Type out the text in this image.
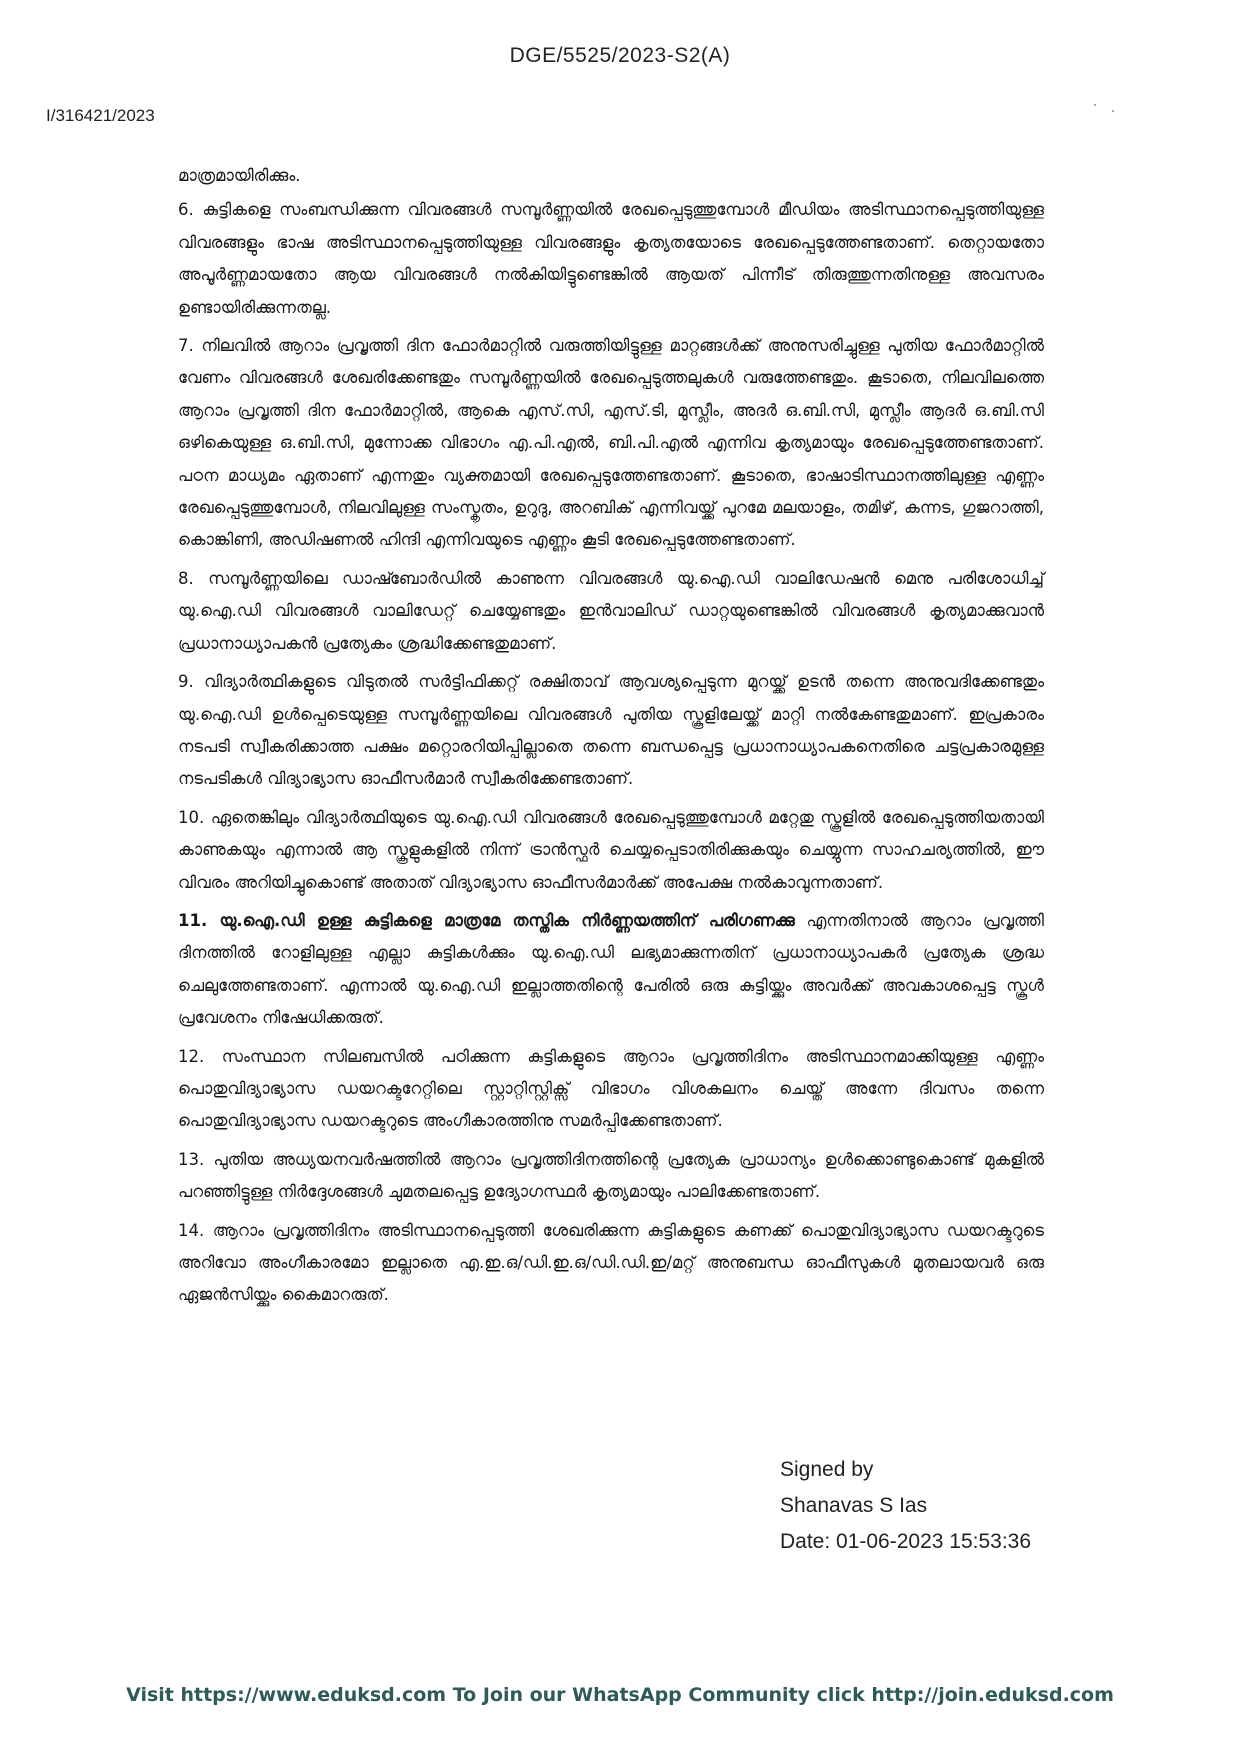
DGE/5525/2023-S2(A)
I/316421/2023

മാത്രമായിരിക്കും.

6. കുട്ടികളെ സംബന്ധിക്കുന്ന വിവരങ്ങൾ സമ്പൂർണ്ണയിൽ രേഖപ്പെടുത്തുമ്പോൾ മീഡിയം അടിസ്ഥാനപ്പെടുത്തിയുള്ള വിവരങ്ങളും ഭാഷ അടിസ്ഥാനപ്പെടുത്തിയുള്ള വിവരങ്ങളും കൃത്യതയോടെ രേഖപ്പെടുത്തേണ്ടതാണ്. തെറ്റായതോ അപൂർണ്ണമായതോ ആയ വിവരങ്ങൾ നൽകിയിട്ടുണ്ടെങ്കിൽ ആയത് പിന്നീട് തിരുത്തുന്നതിനുള്ള അവസരം ഉണ്ടായിരിക്കുന്നതല്ല.

7. നിലവിൽ ആറാം പ്രവൃത്തി ദിന ഫോർമാറ്റിൽ വരുത്തിയിട്ടുള്ള മാറ്റങ്ങൾക്ക് അനുസരിച്ചുള്ള പുതിയ ഫോർമാറ്റിൽ വേണം വിവരങ്ങൾ ശേഖരിക്കേണ്ടതും സമ്പൂർണ്ണയിൽ രേഖപ്പെടുത്തലുകൾ വരുത്തേണ്ടതും. കൂടാതെ, നിലവിലത്തെ ആറാം പ്രവൃത്തി ദിന ഫോർമാറ്റിൽ, ആകെ എസ്.സി, എസ്.ടി, മുസ്ലീം, അദർ ഒ.ബി.സി, മുസ്ലീം ആദർ ഒ.ബി.സി ഒഴികെയുള്ള ഒ.ബി.സി, മുന്നോക്ക വിഭാഗം എ.പി.എൽ, ബി.പി.എൽ എന്നിവ കൃത്യമായും രേഖപ്പെടുത്തേണ്ടതാണ്. പഠന മാധ്യമം ഏതാണ് എന്നതും വ്യക്തമായി രേഖപ്പെടുത്തേണ്ടതാണ്. കൂടാതെ, ഭാഷാടിസ്ഥാനത്തിലുള്ള എണ്ണം രേഖപ്പെടുത്തുമ്പോൾ, നിലവിലുള്ള സംസ്കൃതം, ഉറുദു, അറബിക് എന്നിവയ്ക്ക് പുറമേ മലയാളം, തമിഴ്, കന്നട, ഗുജറാത്തി, കൊങ്കിണി, അഡിഷണൽ ഹിന്ദി എന്നിവയുടെ എണ്ണം കൂടി രേഖപ്പെടുത്തേണ്ടതാണ്.

8. സമ്പൂർണ്ണയിലെ ഡാഷ്ബോർഡിൽ കാണുന്ന വിവരങ്ങൾ യു.ഐ.ഡി വാലിഡേഷൻ മെനു പരിശോധിച്ച് യു.ഐ.ഡി വിവരങ്ങൾ വാലിഡേറ്റ് ചെയ്യേണ്ടതും ഇൻവാലിഡ് ഡാറ്റയുണ്ടെങ്കിൽ വിവരങ്ങൾ കൃത്യമാക്കുവാൻ പ്രധാനാധ്യാപകൻ പ്രത്യേകം ശ്രദ്ധിക്കേണ്ടതുമാണ്.

9. വിദ്യാർത്ഥികളുടെ വിടുതൽ സർട്ടിഫിക്കറ്റ് രക്ഷിതാവ് ആവശ്യപ്പെടുന്ന മുറയ്ക്ക് ഉടൻ തന്നെ അനുവദിക്കേണ്ടതും യു.ഐ.ഡി ഉൾപ്പെടെയുള്ള സമ്പൂർണ്ണയിലെ വിവരങ്ങൾ പുതിയ സ്കൂളിലേയ്ക്ക് മാറ്റി നൽകേണ്ടതുമാണ്. ഇപ്രകാരം നടപടി സ്വീകരിക്കാത്ത പക്ഷം മറ്റൊരറിയിപ്പില്ലാതെ തന്നെ ബന്ധപ്പെട്ട പ്രധാനാധ്യാപകനെതിരെ ചട്ടപ്രകാരമുള്ള നടപടികൾ വിദ്യാഭ്യാസ ഓഫീസർമാർ സ്വീകരിക്കേണ്ടതാണ്.

10. ഏതെങ്കിലും വിദ്യാർത്ഥിയുടെ യു.ഐ.ഡി വിവരങ്ങൾ രേഖപ്പെടുത്തുമ്പോൾ മറ്റേതു സ്കൂളിൽ രേഖപ്പെടുത്തിയതായി കാണുകയും എന്നാൽ ആ സ്കൂളുകളിൽ നിന്ന് ട്രാൻസ്ഫർ ചെയ്യപ്പെടാതിരിക്കുകയും ചെയ്യുന്ന സാഹചര്യത്തിൽ, ഈ വിവരം അറിയിച്ചുകൊണ്ട് അതാത് വിദ്യാഭ്യാസ ഓഫീസർമാർക്ക് അപേക്ഷ നൽകാവുന്നതാണ്.

11. യു.ഐ.ഡി ഉള്ള കുട്ടികളെ മാത്രമേ തസ്തിക നിർണ്ണയത്തിന് പരിഗണക്കു എന്നതിനാൽ ആറാം പ്രവൃത്തി ദിനത്തിൽ റോളിലുള്ള എല്ലാ കുട്ടികൾക്കും യു.ഐ.ഡി ലഭ്യമാക്കുന്നതിന് പ്രധാനാധ്യാപകർ പ്രത്യേക ശ്രദ്ധ ചെലുത്തേണ്ടതാണ്. എന്നാൽ യു.ഐ.ഡി ഇല്ലാത്തതിന്റെ പേരിൽ ഒരു കുട്ടിയ്ക്കും അവർക്ക് അവകാശപ്പെട്ട സ്കൂൾ പ്രവേശനം നിഷേധിക്കരുത്.

12. സംസ്ഥാന സിലബസിൽ പഠിക്കുന്ന കുട്ടികളുടെ ആറാം പ്രവൃത്തിദിനം അടിസ്ഥാനമാക്കിയുള്ള എണ്ണം പൊതുവിദ്യാഭ്യാസ ഡയറക്ടറേറ്റിലെ സ്റ്റാറ്റിസ്റ്റിക്സ് വിഭാഗം വിശകലനം ചെയ്ത് അന്നേ ദിവസം തന്നെ പൊതുവിദ്യാഭ്യാസ ഡയറക്ടറുടെ അംഗീകാരത്തിനു സമർപ്പിക്കേണ്ടതാണ്.

13. പുതിയ അധ്യയനവർഷത്തിൽ ആറാം പ്രവൃത്തിദിനത്തിന്റെ പ്രത്യേക പ്രാധാന്യം ഉൾക്കൊണ്ടുകൊണ്ട് മുകളിൽ പറഞ്ഞിട്ടുള്ള നിർദ്ദേശങ്ങൾ ചുമതലപ്പെട്ട ഉദ്യോഗസ്ഥർ കൃത്യമായും പാലിക്കേണ്ടതാണ്.

14. ആറാം പ്രവൃത്തിദിനം അടിസ്ഥാനപ്പെടുത്തി ശേഖരിക്കുന്ന കുട്ടികളുടെ കണക്ക് പൊതുവിദ്യാഭ്യാസ ഡയറക്ടറുടെ അറിവോ അംഗീകാരമോ ഇല്ലാതെ എ.ഇ.ഒ/ഡി.ഇ.ഒ/ഡി.ഡി.ഇ/മറ്റ് അനുബന്ധ ഓഫീസുകൾ മുതലായവർ ഒരു ഏജൻസിയ്ക്കും കൈമാറരുത്.

Signed by
Shanavas S Ias
Date: 01-06-2023 15:53:36
Visit https://www.eduksd.com To Join our WhatsApp Community click http://join.eduksd.com
